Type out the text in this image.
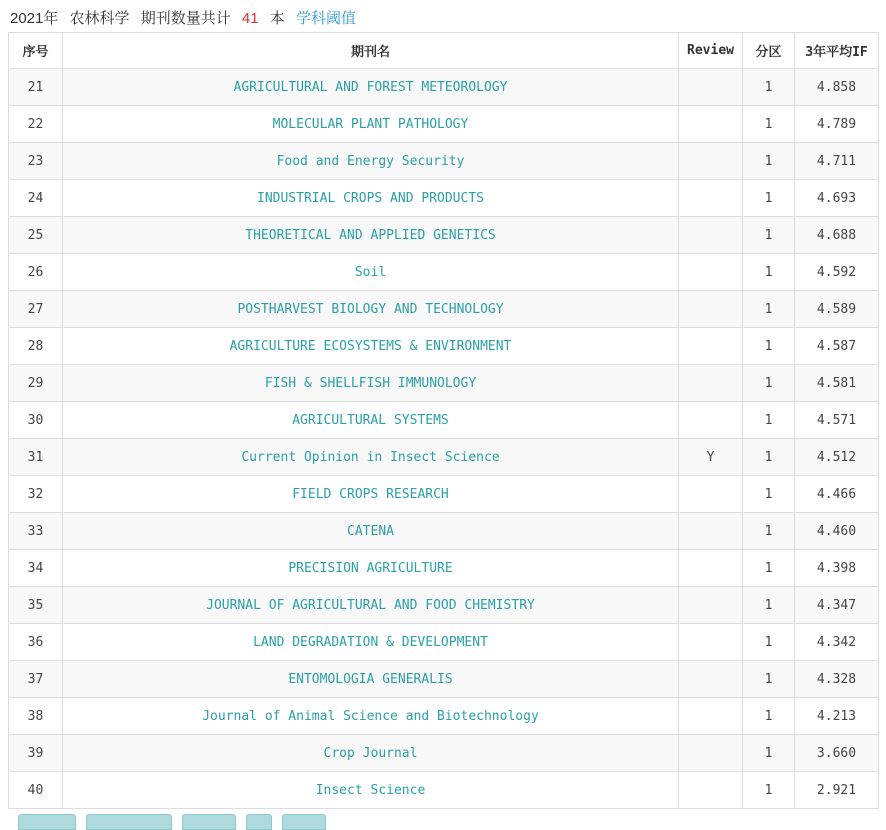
2021年 农林科学 期刊数量共计 41 本 学科阈值
序号	期刊名	Review	分区	3年平均IF
21	AGRICULTURAL AND FOREST METEOROLOGY		1	4.858
22	MOLECULAR PLANT PATHOLOGY		1	4.789
23	Food and Energy Security		1	4.711
24	INDUSTRIAL CROPS AND PRODUCTS		1	4.693
25	THEORETICAL AND APPLIED GENETICS		1	4.688
26	Soil		1	4.592
27	POSTHARVEST BIOLOGY AND TECHNOLOGY		1	4.589
28	AGRICULTURE ECOSYSTEMS & ENVIRONMENT		1	4.587
29	FISH & SHELLFISH IMMUNOLOGY		1	4.581
30	AGRICULTURAL SYSTEMS		1	4.571
31	Current Opinion in Insect Science	Y	1	4.512
32	FIELD CROPS RESEARCH		1	4.466
33	CATENA		1	4.460
34	PRECISION AGRICULTURE		1	4.398
35	JOURNAL OF AGRICULTURAL AND FOOD CHEMISTRY		1	4.347
36	LAND DEGRADATION & DEVELOPMENT		1	4.342
37	ENTOMOLOGIA GENERALIS		1	4.328
38	Journal of Animal Science and Biotechnology		1	4.213
39	Crop Journal		1	3.660
40	Insect Science		1	2.921
